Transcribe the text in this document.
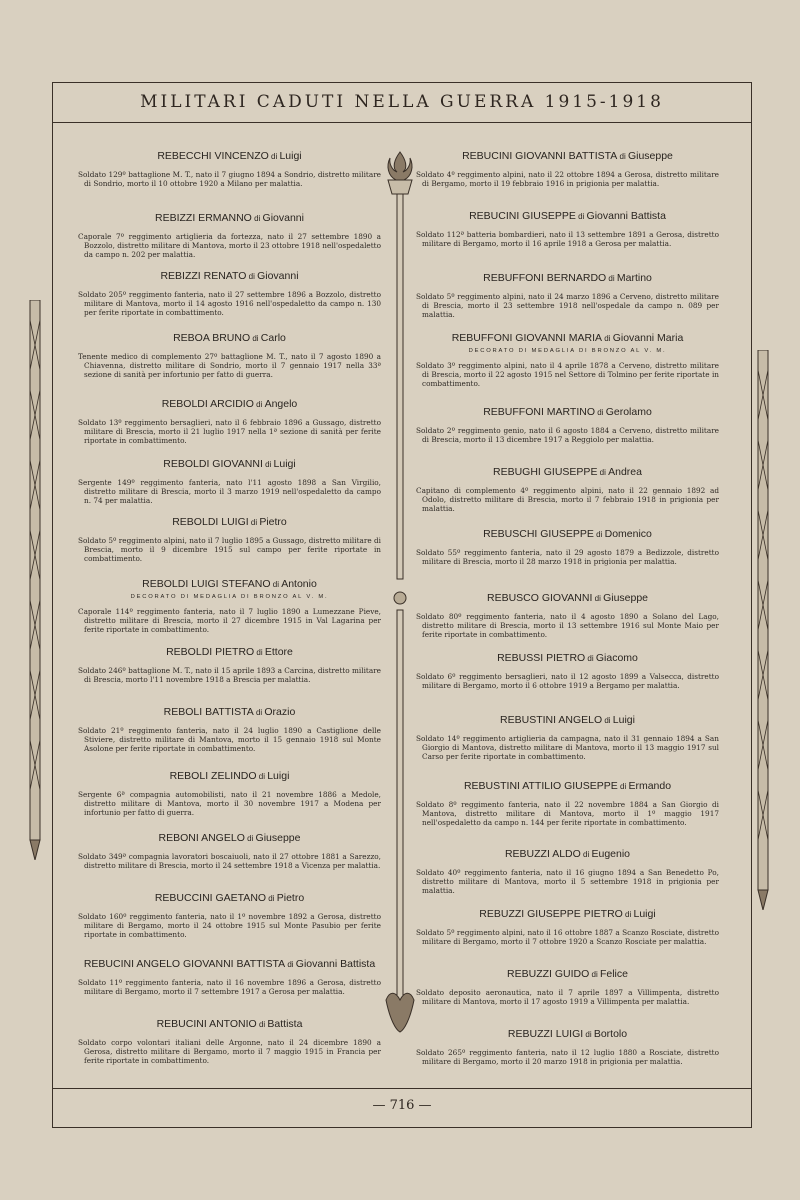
MILITARI CADUTI NELLA GUERRA 1915-1918
REBECCHI VINCENZO di Luigi
Soldato 129º battaglione M. T., nato il 7 giugno 1894 a Sondrio, distretto militare di Sondrio, morto il 10 ottobre 1920 a Milano per malattia.
REBIZZI ERMANNO di Giovanni
Caporale 7º reggimento artiglieria da fortezza, nato il 27 settembre 1890 a Bozzolo, distretto militare di Mantova, morto il 23 ottobre 1918 nell'ospedaletto da campo n. 202 per malattia.
REBIZZI RENATO di Giovanni
Soldato 205º reggimento fanteria, nato il 27 settembre 1896 a Bozzolo, distretto militare di Mantova, morto il 14 agosto 1916 nell'ospedaletto da campo n. 130 per ferite riportate in combattimento.
REBOA BRUNO di Carlo
Tenente medico di complemento 27º battaglione M. T., nato il 7 agosto 1890 a Chiavenna, distretto militare di Sondrio, morto il 7 gennaio 1917 nella 33ª sezione di sanità per infortunio per fatto di guerra.
REBOLDI ARCIDIO di Angelo
Soldato 13º reggimento bersaglieri, nato il 6 febbraio 1896 a Gussago, distretto militare di Brescia, morto il 21 luglio 1917 nella 1ª sezione di sanità per ferite riportate in combattimento.
REBOLDI GIOVANNI di Luigi
Sergente 149º reggimento fanteria, nato l'11 agosto 1898 a San Virgilio, distretto militare di Brescia, morto il 3 marzo 1919 nell'ospedaletto da campo n. 74 per malattia.
REBOLDI LUIGI di Pietro
Soldato 5º reggimento alpini, nato il 7 luglio 1895 a Gussago, distretto militare di Brescia, morto il 9 dicembre 1915 sul campo per ferite riportate in combattimento.
REBOLDI LUIGI STEFANO di Antonio
DECORATO DI MEDAGLIA DI BRONZO AL V. M.
Caporale 114º reggimento fanteria, nato il 7 luglio 1890 a Lumezzane Pieve, distretto militare di Brescia, morto il 27 dicembre 1915 in Val Lagarina per ferite riportate in combattimento.
REBOLDI PIETRO di Ettore
Soldato 246º battaglione M. T., nato il 15 aprile 1893 a Carcina, distretto militare di Brescia, morto l'11 novembre 1918 a Brescia per malattia.
REBOLI BATTISTA di Orazio
Soldato 21º reggimento fanteria, nato il 24 luglio 1890 a Castiglione delle Stiviere, distretto militare di Mantova, morto il 15 gennaio 1918 sul Monte Asolone per ferite riportate in combattimento.
REBOLI ZELINDO di Luigi
Sergente 6ª compagnia automobilisti, nato il 21 novembre 1886 a Medole, distretto militare di Mantova, morto il 30 novembre 1917 a Modena per infortunio per fatto di guerra.
REBONI ANGELO di Giuseppe
Soldato 349ª compagnia lavoratori boscaiuoli, nato il 27 ottobre 1881 a Sarezzo, distretto militare di Brescia, morto il 24 settembre 1918 a Vicenza per malattia.
REBUCCINI GAETANO di Pietro
Soldato 160º reggimento fanteria, nato il 1º novembre 1892 a Gerosa, distretto militare di Bergamo, morto il 24 ottobre 1915 sul Monte Pasubio per ferite riportate in combattimento.
REBUCINI ANGELO GIOVANNI BATTISTA di Giovanni Battista
Soldato 11º reggimento fanteria, nato il 16 novembre 1896 a Gerosa, distretto militare di Bergamo, morto il 7 settembre 1917 a Gerosa per malattia.
REBUCINI ANTONIO di Battista
Soldato corpo volontari italiani delle Argonne, nato il 24 dicembre 1890 a Gerosa, distretto militare di Bergamo, morto il 7 maggio 1915 in Francia per ferite riportate in combattimento.
REBUCINI GIOVANNI BATTISTA di Giuseppe
Soldato 4º reggimento alpini, nato il 22 ottobre 1894 a Gerosa, distretto militare di Bergamo, morto il 19 febbraio 1916 in prigionia per malattia.
REBUCINI GIUSEPPE di Giovanni Battista
Soldato 112ª batteria bombardieri, nato il 13 settembre 1891 a Gerosa, distretto militare di Bergamo, morto il 16 aprile 1918 a Gerosa per malattia.
REBUFFONI BERNARDO di Martino
Soldato 5º reggimento alpini, nato il 24 marzo 1896 a Cerveno, distretto militare di Brescia, morto il 23 settembre 1918 nell'ospedale da campo n. 089 per malattia.
REBUFFONI GIOVANNI MARIA di Giovanni Maria
DECORATO DI MEDAGLIA DI BRONZO AL V. M.
Soldato 3º reggimento alpini, nato il 4 aprile 1878 a Cerveno, distretto militare di Brescia, morto il 22 agosto 1915 nel Settore di Tolmino per ferite riportate in combattimento.
REBUFFONI MARTINO di Gerolamo
Soldato 2º reggimento genio, nato il 6 agosto 1884 a Cerveno, distretto militare di Brescia, morto il 13 dicembre 1917 a Reggiolo per malattia.
REBUGHI GIUSEPPE di Andrea
Capitano di complemento 4º reggimento alpini, nato il 22 gennaio 1892 ad Odolo, distretto militare di Brescia, morto il 7 febbraio 1918 in prigionia per malattia.
REBUSCHI GIUSEPPE di Domenico
Soldato 55º reggimento fanteria, nato il 29 agosto 1879 a Bedizzole, distretto militare di Brescia, morto il 28 marzo 1918 in prigionia per malattia.
REBUSCO GIOVANNI di Giuseppe
Soldato 80º reggimento fanteria, nato il 4 agosto 1890 a Solano del Lago, distretto militare di Brescia, morto il 13 settembre 1916 sul Monte Maio per ferite riportate in combattimento.
REBUSSI PIETRO di Giacomo
Soldato 6º reggimento bersaglieri, nato il 12 agosto 1899 a Valsecca, distretto militare di Bergamo, morto il 6 ottobre 1919 a Bergamo per malattia.
REBUSTINI ANGELO di Luigi
Soldato 14º reggimento artiglieria da campagna, nato il 31 gennaio 1894 a San Giorgio di Mantova, distretto militare di Mantova, morto il 13 maggio 1917 sul Carso per ferite riportate in combattimento.
REBUSTINI ATTILIO GIUSEPPE di Ermando
Soldato 8º reggimento fanteria, nato il 22 novembre 1884 a San Giorgio di Mantova, distretto militare di Mantova, morto il 1º maggio 1917 nell'ospedaletto da campo n. 144 per ferite riportate in combattimento.
REBUZZI ALDO di Eugenio
Soldato 40º reggimento fanteria, nato il 16 giugno 1894 a San Benedetto Po, distretto militare di Mantova, morto il 5 settembre 1918 in prigionia per malattia.
REBUZZI GIUSEPPE PIETRO di Luigi
Soldato 5º reggimento alpini, nato il 16 ottobre 1887 a Scanzo Rosciate, distretto militare di Bergamo, morto il 7 ottobre 1920 a Scanzo Rosciate per malattia.
REBUZZI GUIDO di Felice
Soldato deposito aeronautica, nato il 7 aprile 1897 a Villimpenta, distretto militare di Mantova, morto il 17 agosto 1919 a Villimpenta per malattia.
REBUZZI LUIGI di Bortolo
Soldato 265º reggimento fanteria, nato il 12 luglio 1880 a Rosciate, distretto militare di Bergamo, morto il 20 marzo 1918 in prigionia per malattia.
— 716 —
